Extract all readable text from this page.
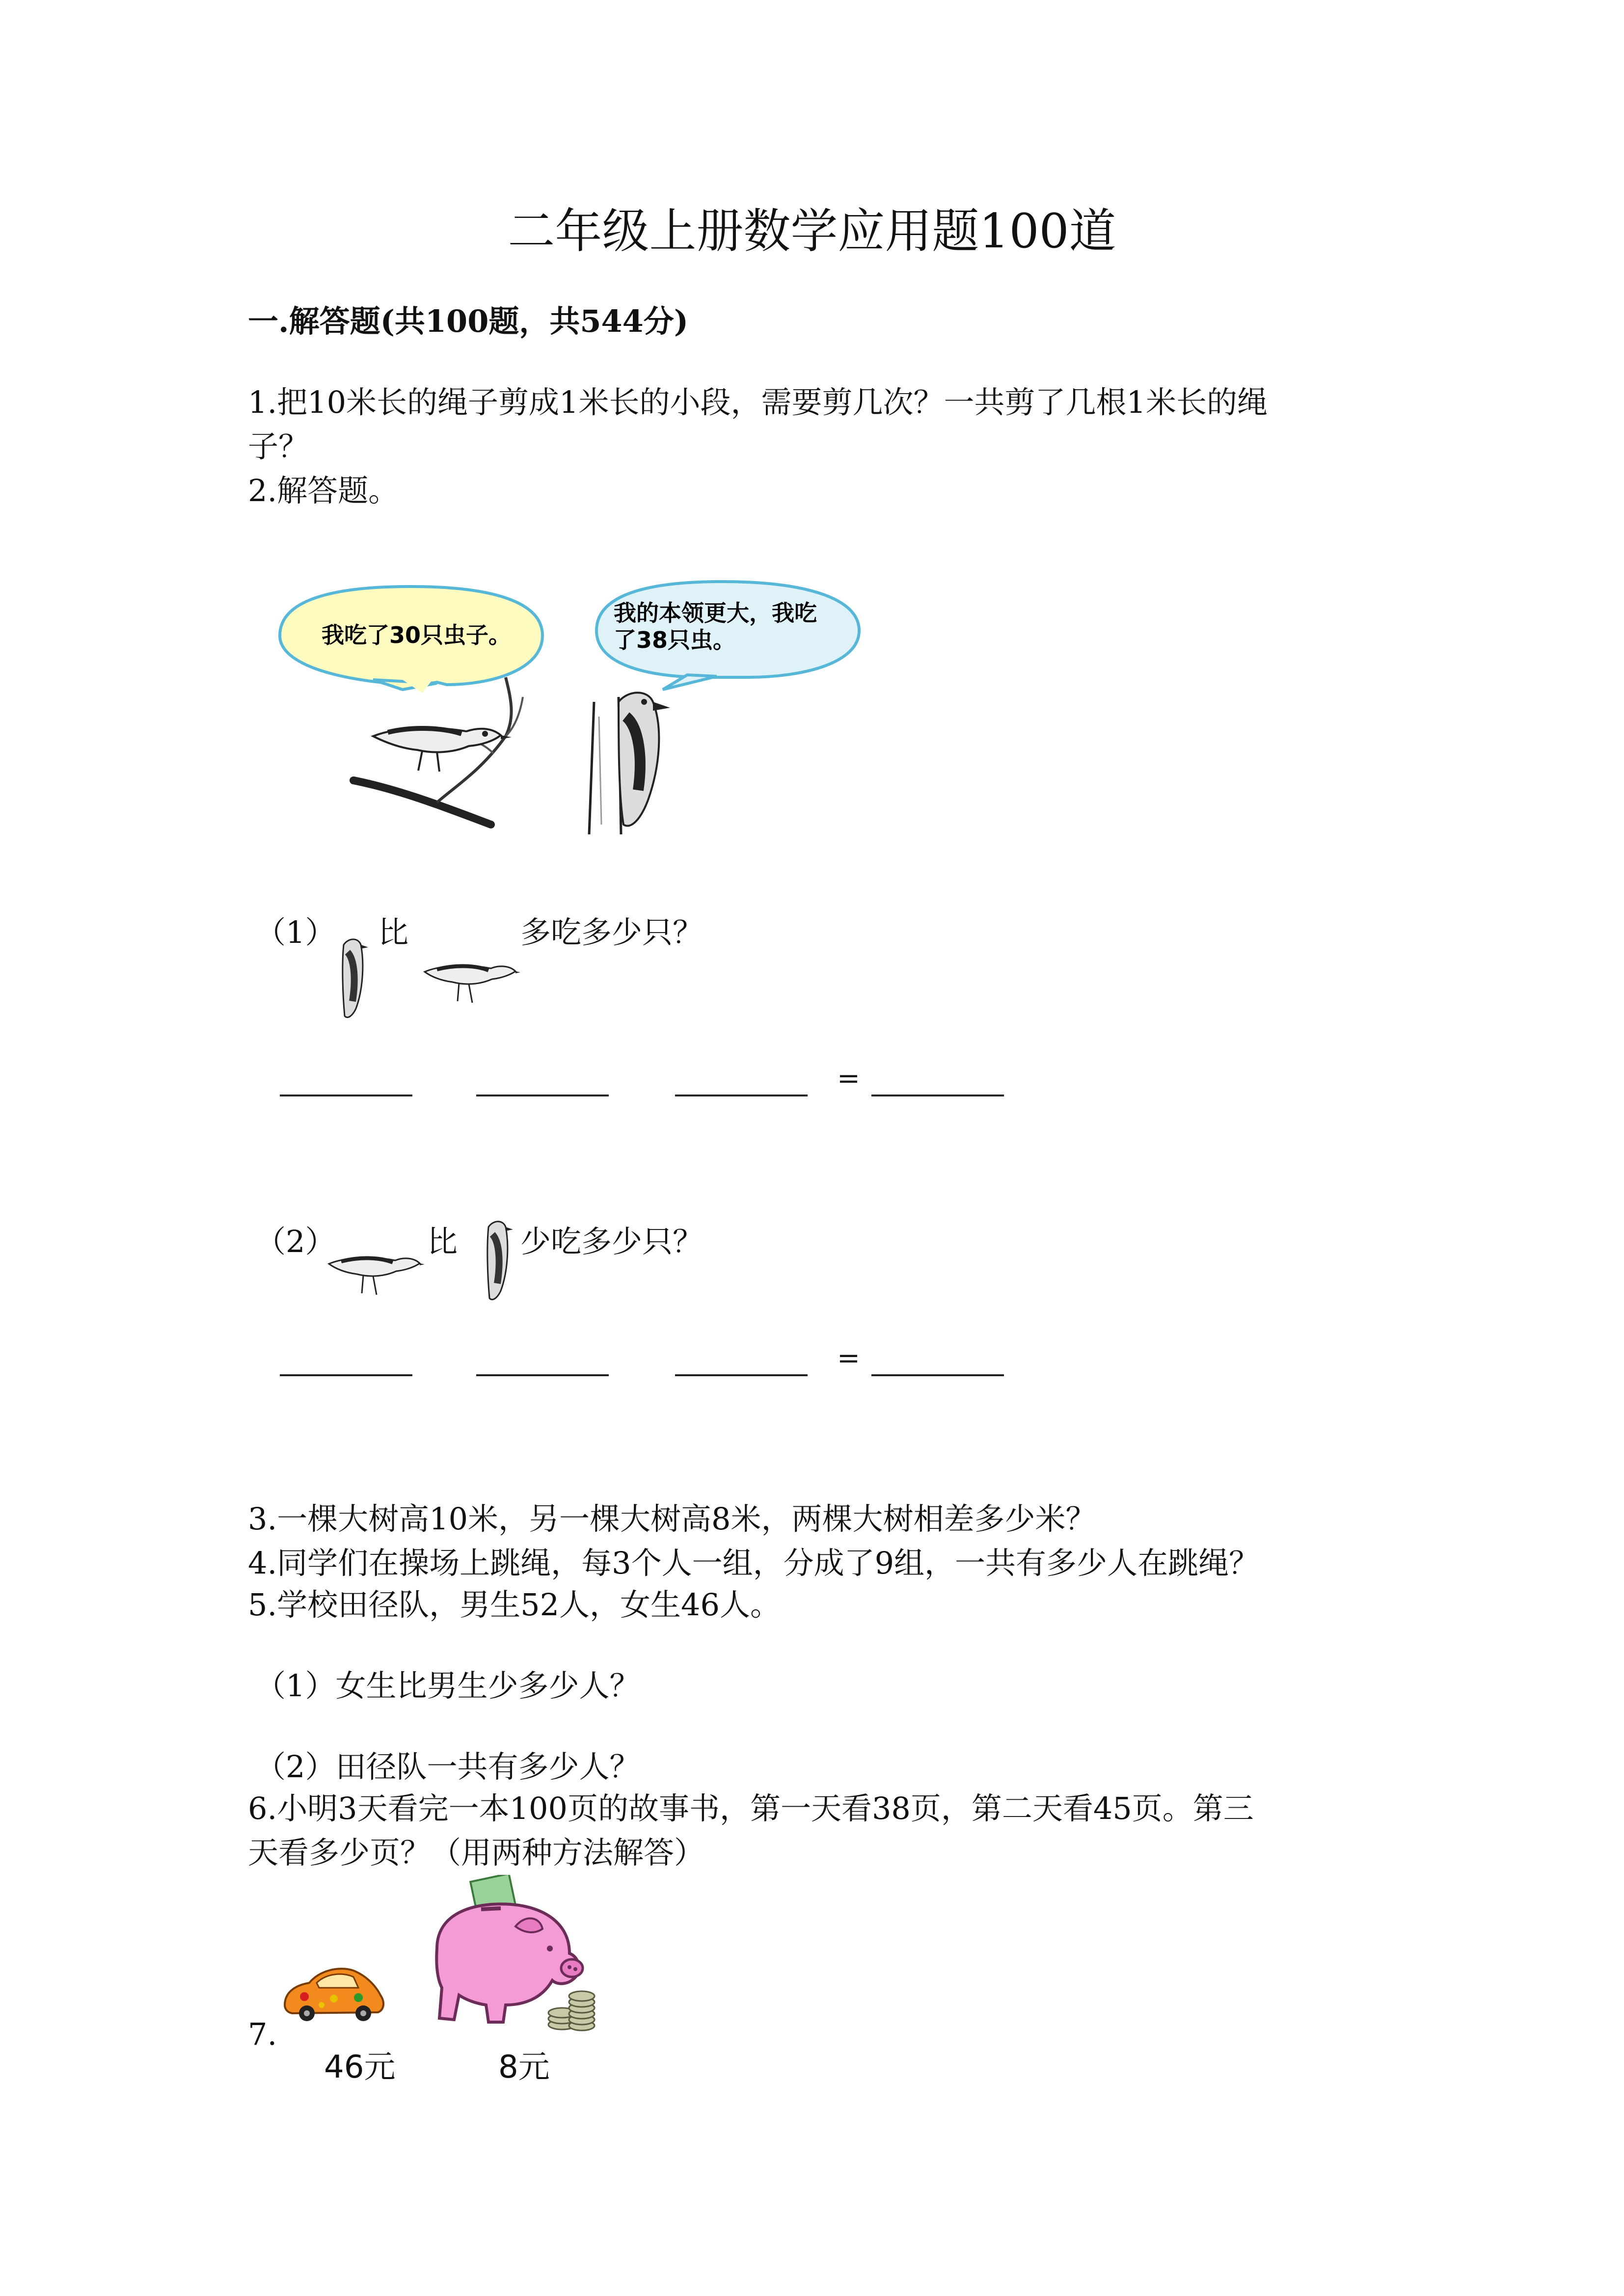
二年级上册数学应用题100道
一.解答题(共100题，共544分)
1.把10米长的绳子剪成1米长的小段，需要剪几次？一共剪了几根1米长的绳
子？
2.解答题。
我吃了30只虫子。
我的本领更大，我吃
了38只虫。
（1） 比	多吃多少只？
=
（2）	比 少吃多少只？
=
3.一棵大树高10米，另一棵大树高8米，两棵大树相差多少米？
4.同学们在操场上跳绳，每3个人一组，分成了9组，一共有多少人在跳绳？
5.学校田径队，男生52人，女生46人。
（1）女生比男生少多少人？
（2）田径队一共有多少人？
6.小明3天看完一本100页的故事书，第一天看38页，第二天看45页。第三
天看多少页？（用两种方法解答）
7.
46元	8元
